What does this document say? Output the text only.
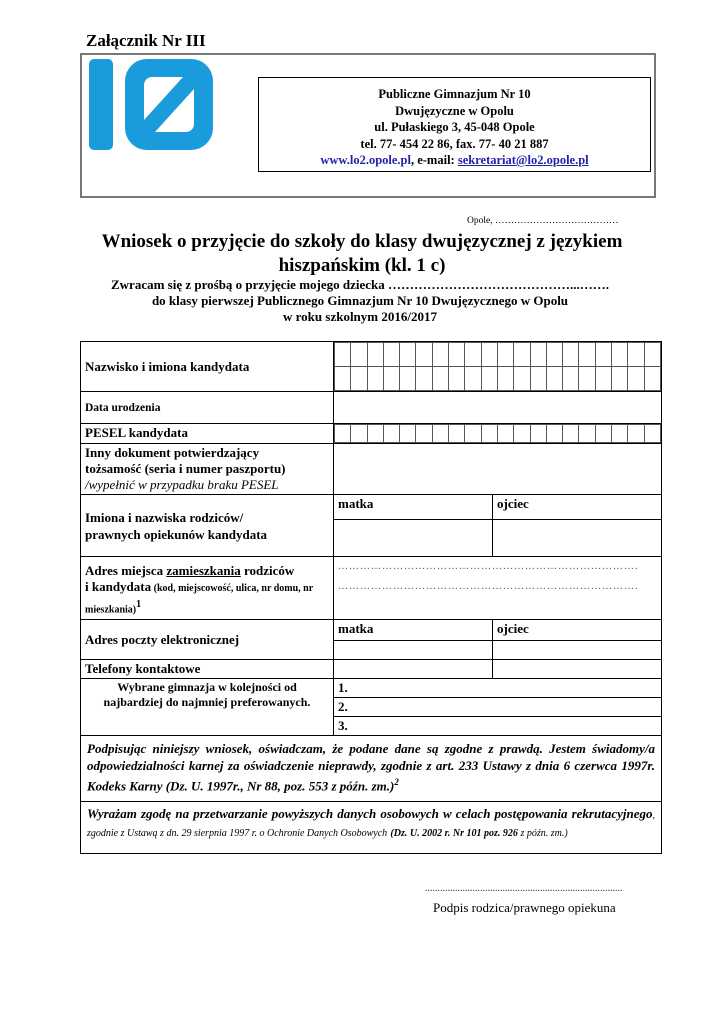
Załącznik Nr III
Publiczne Gimnazjum Nr 10
Dwujęzyczne w Opolu
ul. Pułaskiego 3, 45-048 Opole
tel. 77- 454 22 86, fax. 77- 40 21 887
www.lo2.opole.pl, e-mail: sekretariat@lo2.opole.pl
Opole, …………………………………
Wniosek o przyjęcie do szkoły do klasy dwujęzycznej z językiem
hiszpańskim (kl. 1 c)
Zwracam się z prośbą o przyjęcie mojego dziecka ……………………………………...…….
do klasy pierwszej Publicznego Gimnazjum Nr 10 Dwujęzycznego w Opolu
w roku szkolnym 2016/2017
Nazwisko i imiona kandydata	

Data urodzenia	
PESEL kandydata	

Inny dokument potwierdzający
tożsamość (seria i numer paszportu)
/wypełnić w przypadku braku PESEL

Imiona i nazwiska rodziców/
prawnych opiekunów kandydata
	matka	ojciec

Adres miejsca zamieszkania rodziców
i kandydata (kod, miejscowość, ulica, nr domu, nr mieszkania)$^1$	
……………………………………………………………………….
……………………………………………………………………….

Adres poczty elektronicznej	matka	ojciec

Telefony kontaktowe		

Wybrane gimnazja w kolejności od
najbardziej do najmniej preferowanych.
	1.
2.
3.
Podpisując niniejszy wniosek, oświadczam, że podane dane są zgodne z prawdą. Jestem świadomy/a odpowiedzialności karnej za oświadczenie nieprawdy, zgodnie z art. 233 Ustawy z dnia 6 czerwca 1997r. Kodeks Karny (Dz. U. 1997r., Nr 88, poz. 553 z późn. zm.)$^2$
Wyrażam zgodę na przetwarzanie powyższych danych osobowych w celach postępowania rekrutacyjnego, zgodnie z Ustawą z dn. 29 sierpnia 1997 r. o Ochronie Danych Osobowych (Dz. U. 2002 r. Nr 101 poz. 926 z późn. zm.)
...............................................................................
Podpis rodzica/prawnego opiekuna
